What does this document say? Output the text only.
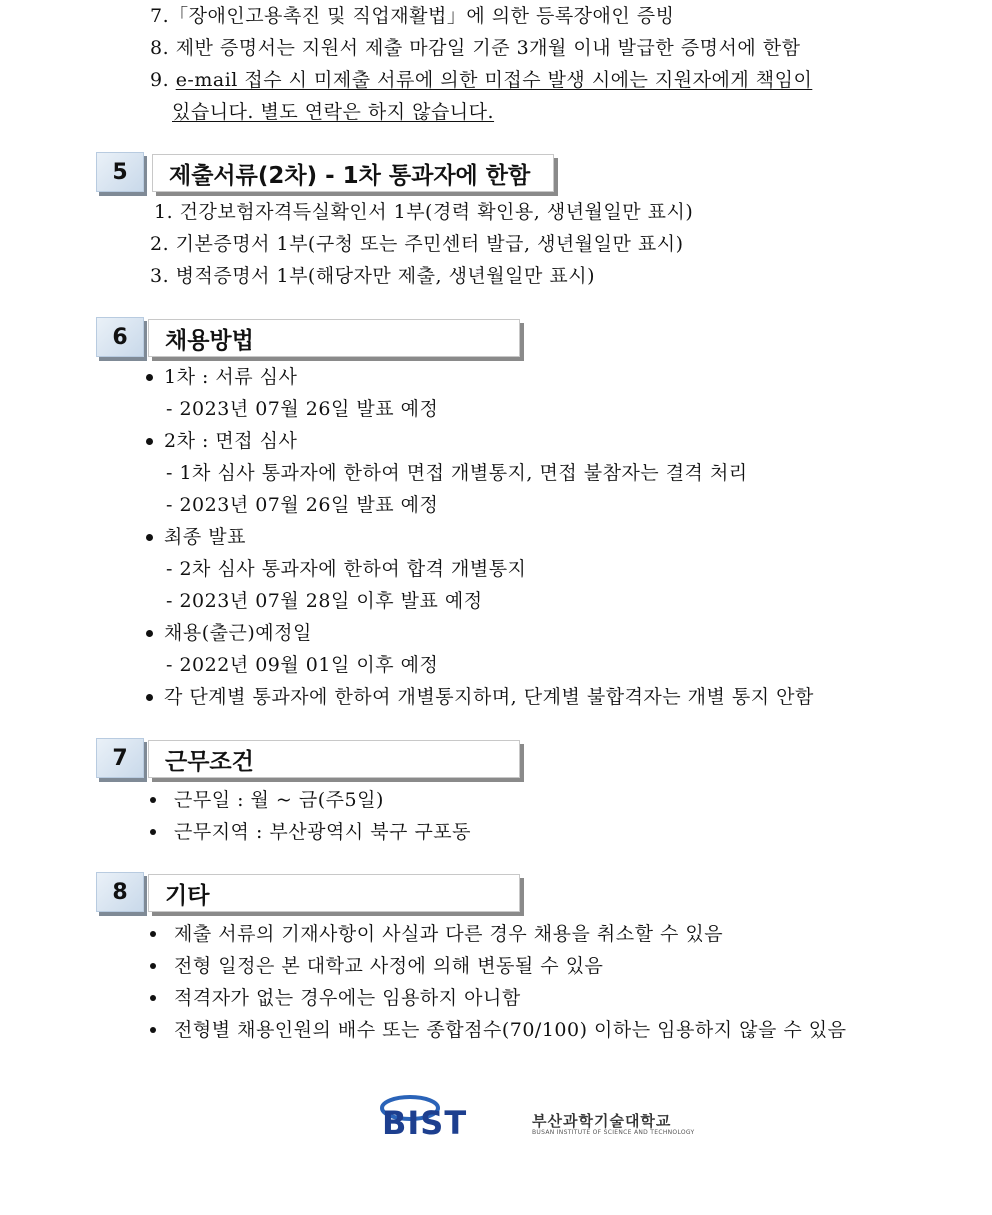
7.「장애인고용촉진 및 직업재활법」에 의한 등록장애인 증빙
8. 제반 증명서는 지원서 제출 마감일 기준 3개월 이내 발급한 증명서에 한함
9. e-mail 접수 시 미제출 서류에 의한 미접수 발생 시에는 지원자에게 책임이
있습니다. 별도 연락은 하지 않습니다.
5	제출서류(2차) - 1차 통과자에 한함
1. 건강보험자격득실확인서 1부(경력 확인용, 생년월일만 표시)
2. 기본증명서 1부(구청 또는 주민센터 발급, 생년월일만 표시)
3. 병적증명서 1부(해당자만 제출, 생년월일만 표시)
6	채용방법
1차 : 서류 심사
- 2023년 07월 26일 발표 예정
2차 : 면접 심사
- 1차 심사 통과자에 한하여 면접 개별통지, 면접 불참자는 결격 처리
- 2023년 07월 26일 발표 예정
최종 발표
- 2차 심사 통과자에 한하여 합격 개별통지
- 2023년 07월 28일 이후 발표 예정
채용(출근)예정일
- 2022년 09월 01일 이후 예정
각 단계별 통과자에 한하여 개별통지하며, 단계별 불합격자는 개별 통지 안함
7	근무조건
근무일 : 월 ~ 금(주5일)
근무지역 : 부산광역시 북구 구포동
8	기타
제출 서류의 기재사항이 사실과 다른 경우 채용을 취소할 수 있음
전형 일정은 본 대학교 사정에 의해 변동될 수 있음
적격자가 없는 경우에는 임용하지 아니함
전형별 채용인원의 배수 또는 종합점수(70/100) 이하는 임용하지 않을 수 있음
BIST	부산과학기술대학교
BUSAN INSTITUTE OF SCIENCE AND TECHNOLOGY
